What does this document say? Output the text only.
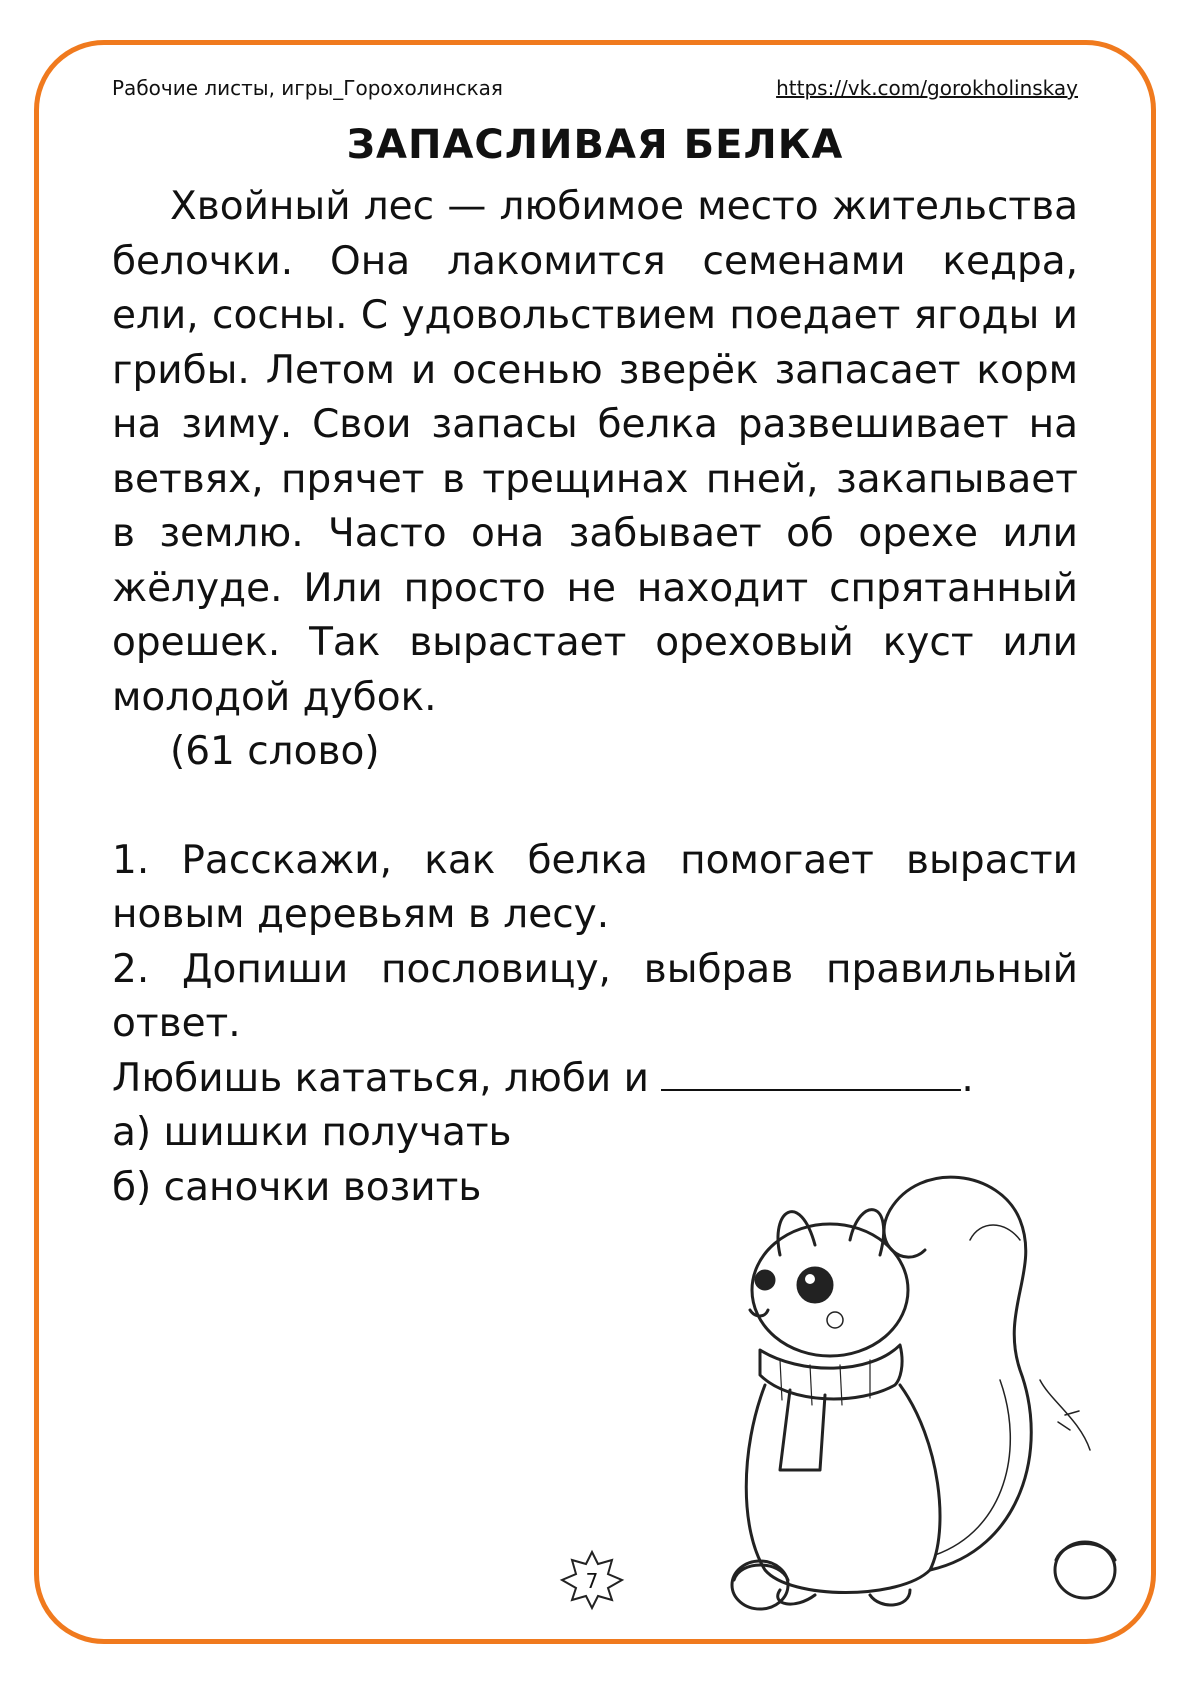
Рабочие листы, игры_Горохолинская	https://vk.com/gorokholinskay
ЗАПАСЛИВАЯ БЕЛКА

Хвойный лес — любимое место жительства белочки. Она лакомится семенами кедра, ели, сосны. С удовольствием поедает ягоды и грибы. Летом и осенью зверёк запасает корм на зиму. Свои запасы белка развешивает на ветвях, прячет в трещинах пней, закапывает в землю. Часто она забывает об орехе или жёлуде. Или просто не находит спрятанный орешек. Так вырастает ореховый куст или молодой дубок.

(61 слово)

1. Расскажи, как белка помогает вырасти новым деревьям в лесу.

2. Допиши пословицу, выбрав правильный ответ.

Любишь кататься, люби и	.

а) шишки получать

б) саночки возить

7
